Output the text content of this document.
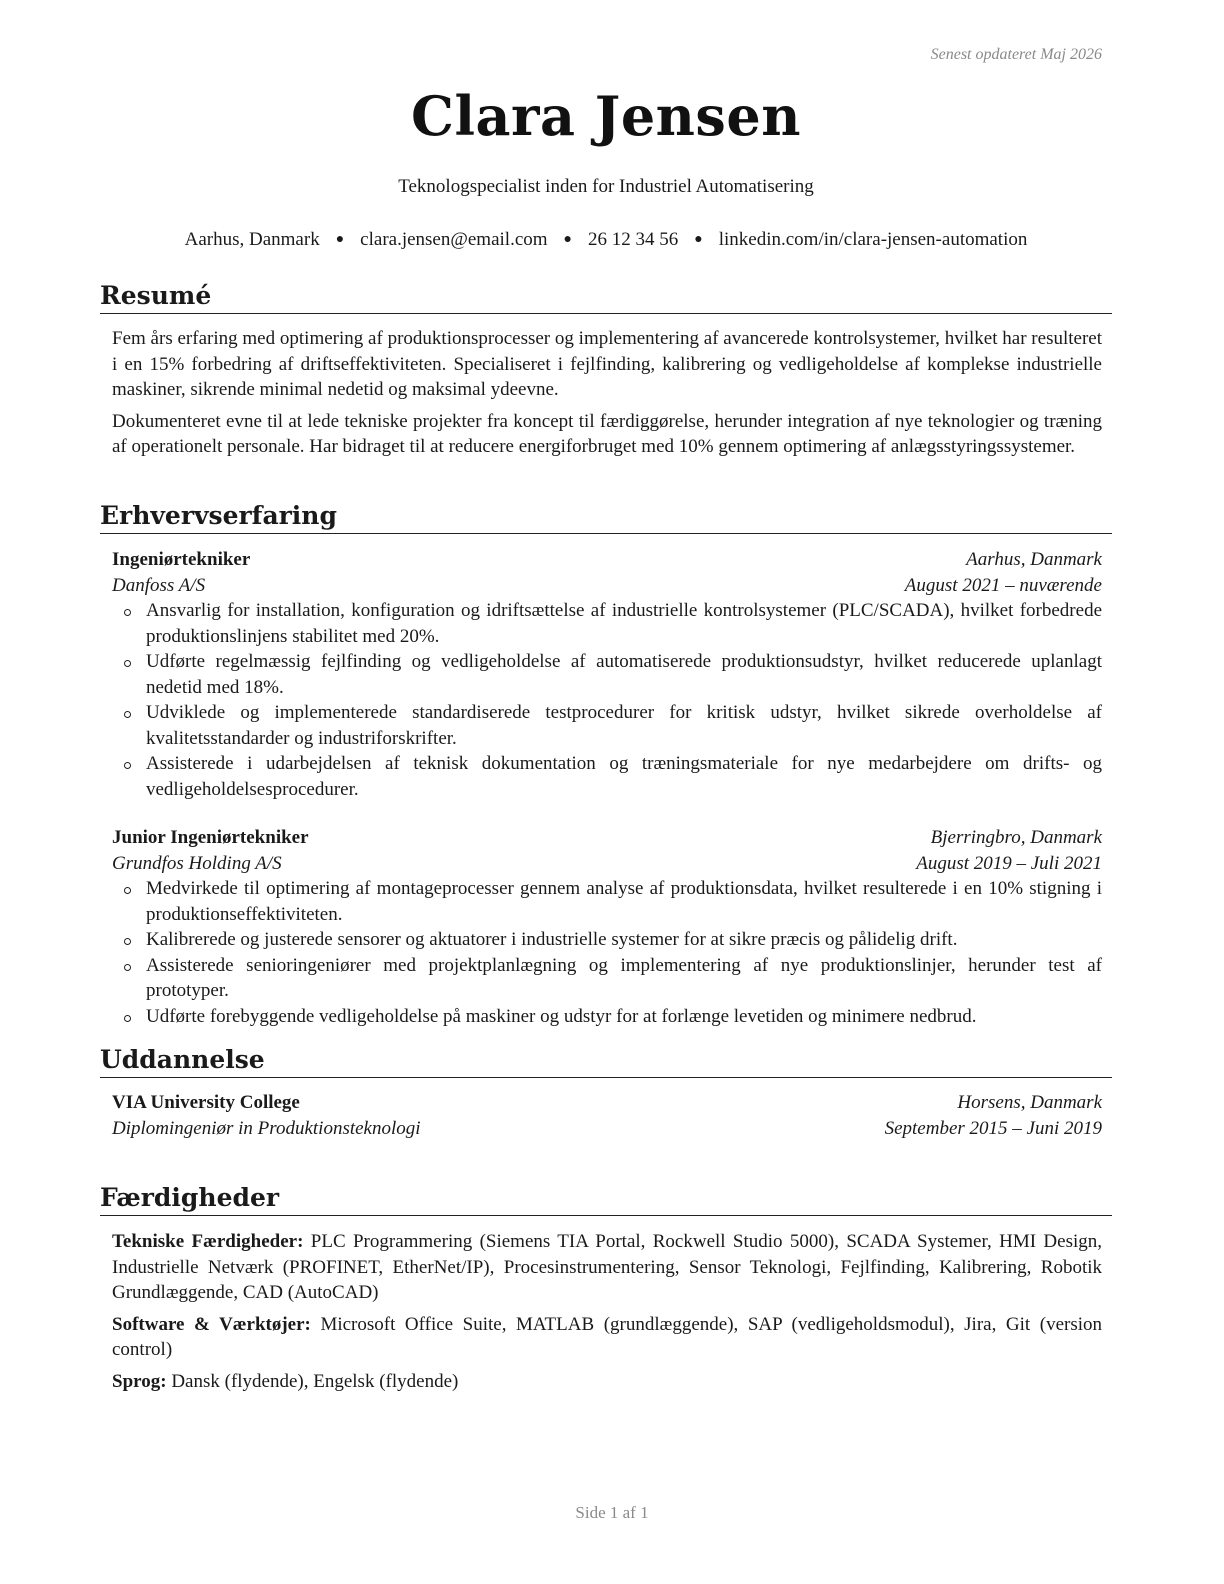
Senest opdateret Maj 2026
Clara Jensen
Teknologspecialist inden for Industriel Automatisering
Aarhus, Danmark ● clara.jensen@email.com ● 26 12 34 56 ● linkedin.com/in/clara-jensen-automation
Resumé

Fem års erfaring med optimering af produktionsprocesser og implementering af avancerede kontrolsystemer, hvilket har resulteret i en 15% forbedring af driftseffektiviteten. Specialiseret i fejlfinding, kalibrering og vedligeholdelse af komplekse industrielle maskiner, sikrende minimal nedetid og maksimal ydeevne.

Dokumenteret evne til at lede tekniske projekter fra koncept til færdiggørelse, herunder integration af nye teknologier og træning af operationelt personale. Har bidraget til at reducere energiforbruget med 10% gennem optimering af anlægsstyringssystemer.

Erhvervserfaring
Ingeniørtekniker	Aarhus, Danmark
Danfoss A/S	August 2021 – nuværende
Ansvarlig for installation, konfiguration og idriftsættelse af industrielle kontrolsystemer (PLC/SCADA), hvilket forbedrede produktionslinjens stabilitet med 20%.
Udførte regelmæssig fejlfinding og vedligeholdelse af automatiserede produktionsudstyr, hvilket reducerede uplanlagt nedetid med 18%.
Udviklede og implementerede standardiserede testprocedurer for kritisk udstyr, hvilket sikrede overholdelse af kvalitetsstandarder og industriforskrifter.
Assisterede i udarbejdelsen af teknisk dokumentation og træningsmateriale for nye medarbejdere om drifts- og vedligeholdelsesprocedurer.
Junior Ingeniørtekniker	Bjerringbro, Danmark
Grundfos Holding A/S	August 2019 – Juli 2021
Medvirkede til optimering af montageprocesser gennem analyse af produktionsdata, hvilket resulterede i en 10% stigning i produktionseffektiviteten.
Kalibrerede og justerede sensorer og aktuatorer i industrielle systemer for at sikre præcis og pålidelig drift.
Assisterede senioringeniører med projektplanlægning og implementering af nye produktionslinjer, herunder test af prototyper.
Udførte forebyggende vedligeholdelse på maskiner og udstyr for at forlænge levetiden og minimere nedbrud.
Uddannelse
VIA University College	Horsens, Danmark
Diplomingeniør in Produktionsteknologi	September 2015 – Juni 2019
Færdigheder

Tekniske Færdigheder: PLC Programmering (Siemens TIA Portal, Rockwell Studio 5000), SCADA Systemer, HMI Design, Industrielle Netværk (PROFINET, EtherNet/IP), Procesinstrumentering, Sensor Teknologi, Fejlfinding, Kalibrering, Robotik Grundlæggende, CAD (AutoCAD)

Software & Værktøjer: Microsoft Office Suite, MATLAB (grundlæggende), SAP (vedligeholdsmodul), Jira, Git (version control)

Sprog: Dansk (flydende), Engelsk (flydende)

Side 1 af 1
